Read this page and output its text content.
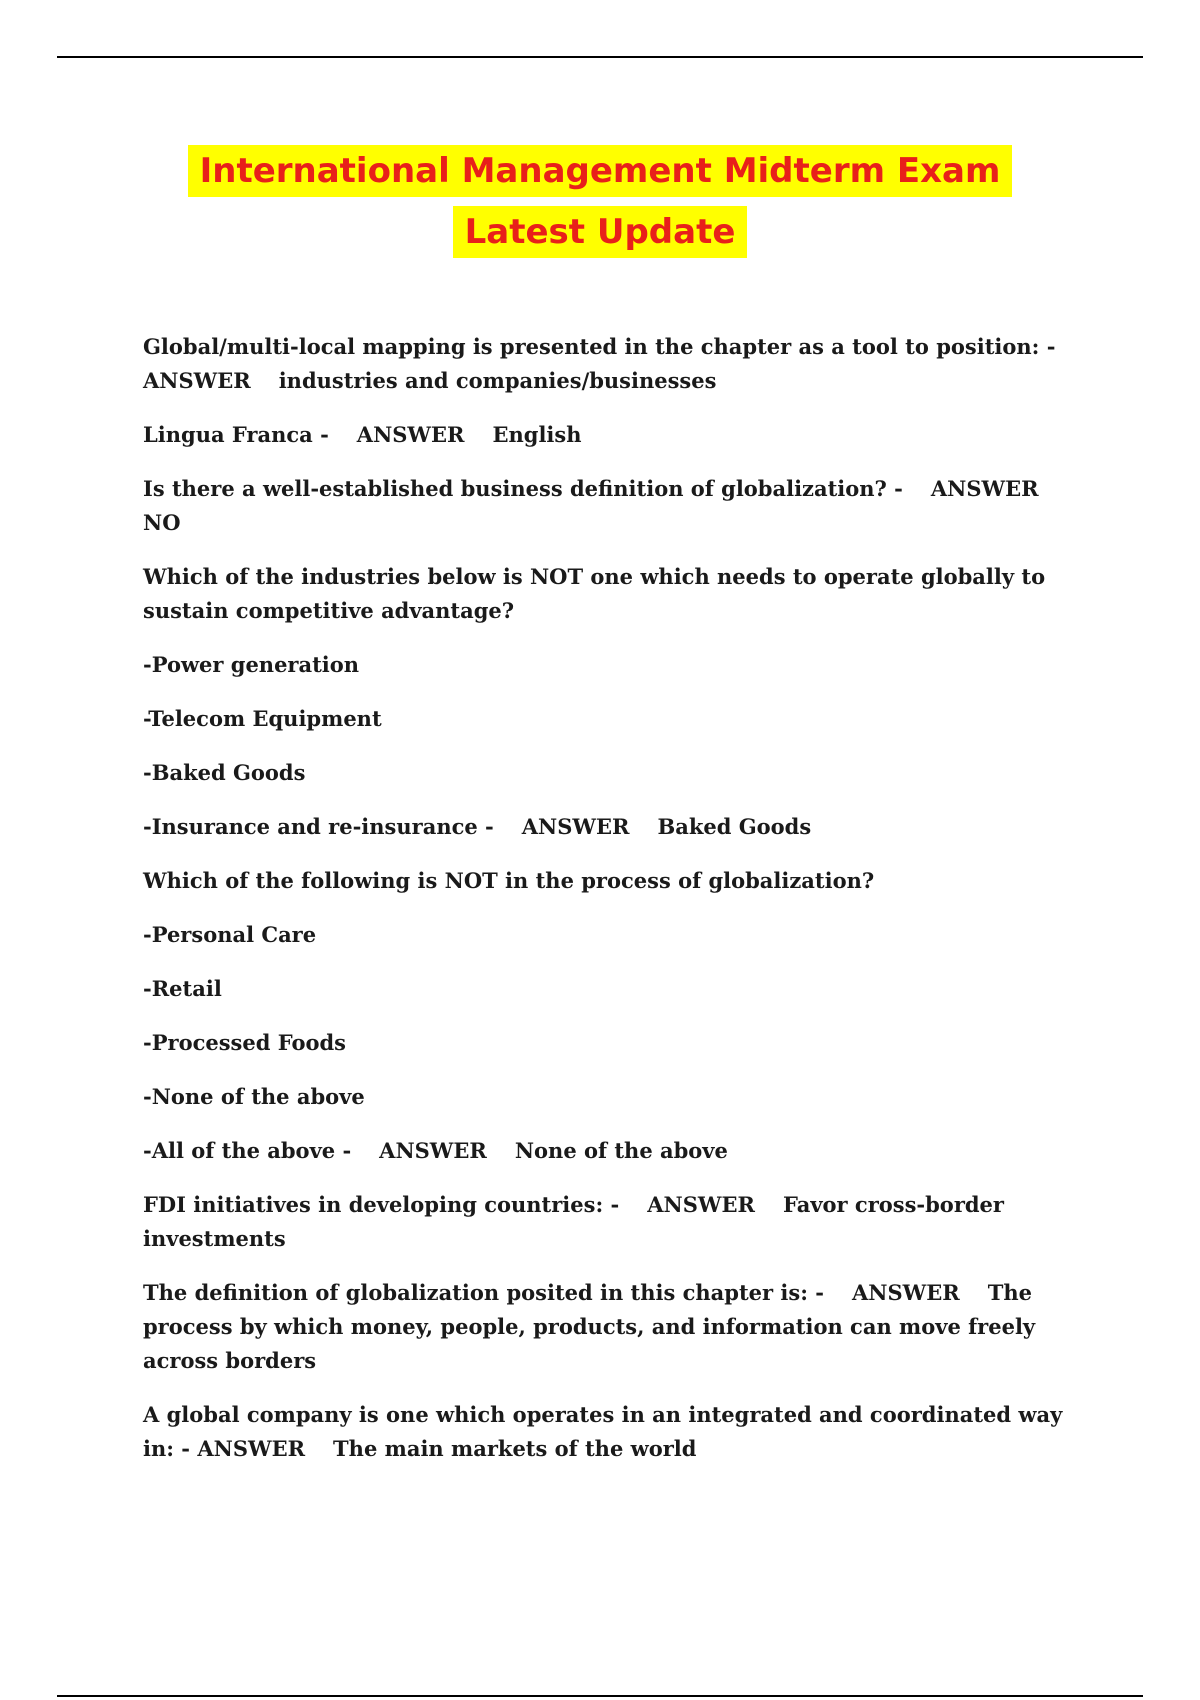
International Management Midterm Exam
Latest Update

Global/multi-local mapping is presented in the chapter as a tool to position: - ANSWER industries and companies/businesses

Lingua Franca - ANSWER English

Is there a well-established business definition of globalization? - ANSWERNO

Which of the industries below is NOT one which needs to operate globally to sustain competitive advantage?

-Power generation

-Telecom Equipment

-Baked Goods

-Insurance and re-insurance - ANSWER Baked Goods

Which of the following is NOT in the process of globalization?

-Personal Care

-Retail

-Processed Foods

-None of the above

-All of the above - ANSWER None of the above

FDI initiatives in developing countries: - ANSWER Favor cross-border investments

The definition of globalization posited in this chapter is: - ANSWER The process by which money, people, products, and information can move freely across borders

A global company is one which operates in an integrated and coordinated way in: - ANSWER The main markets of the world
